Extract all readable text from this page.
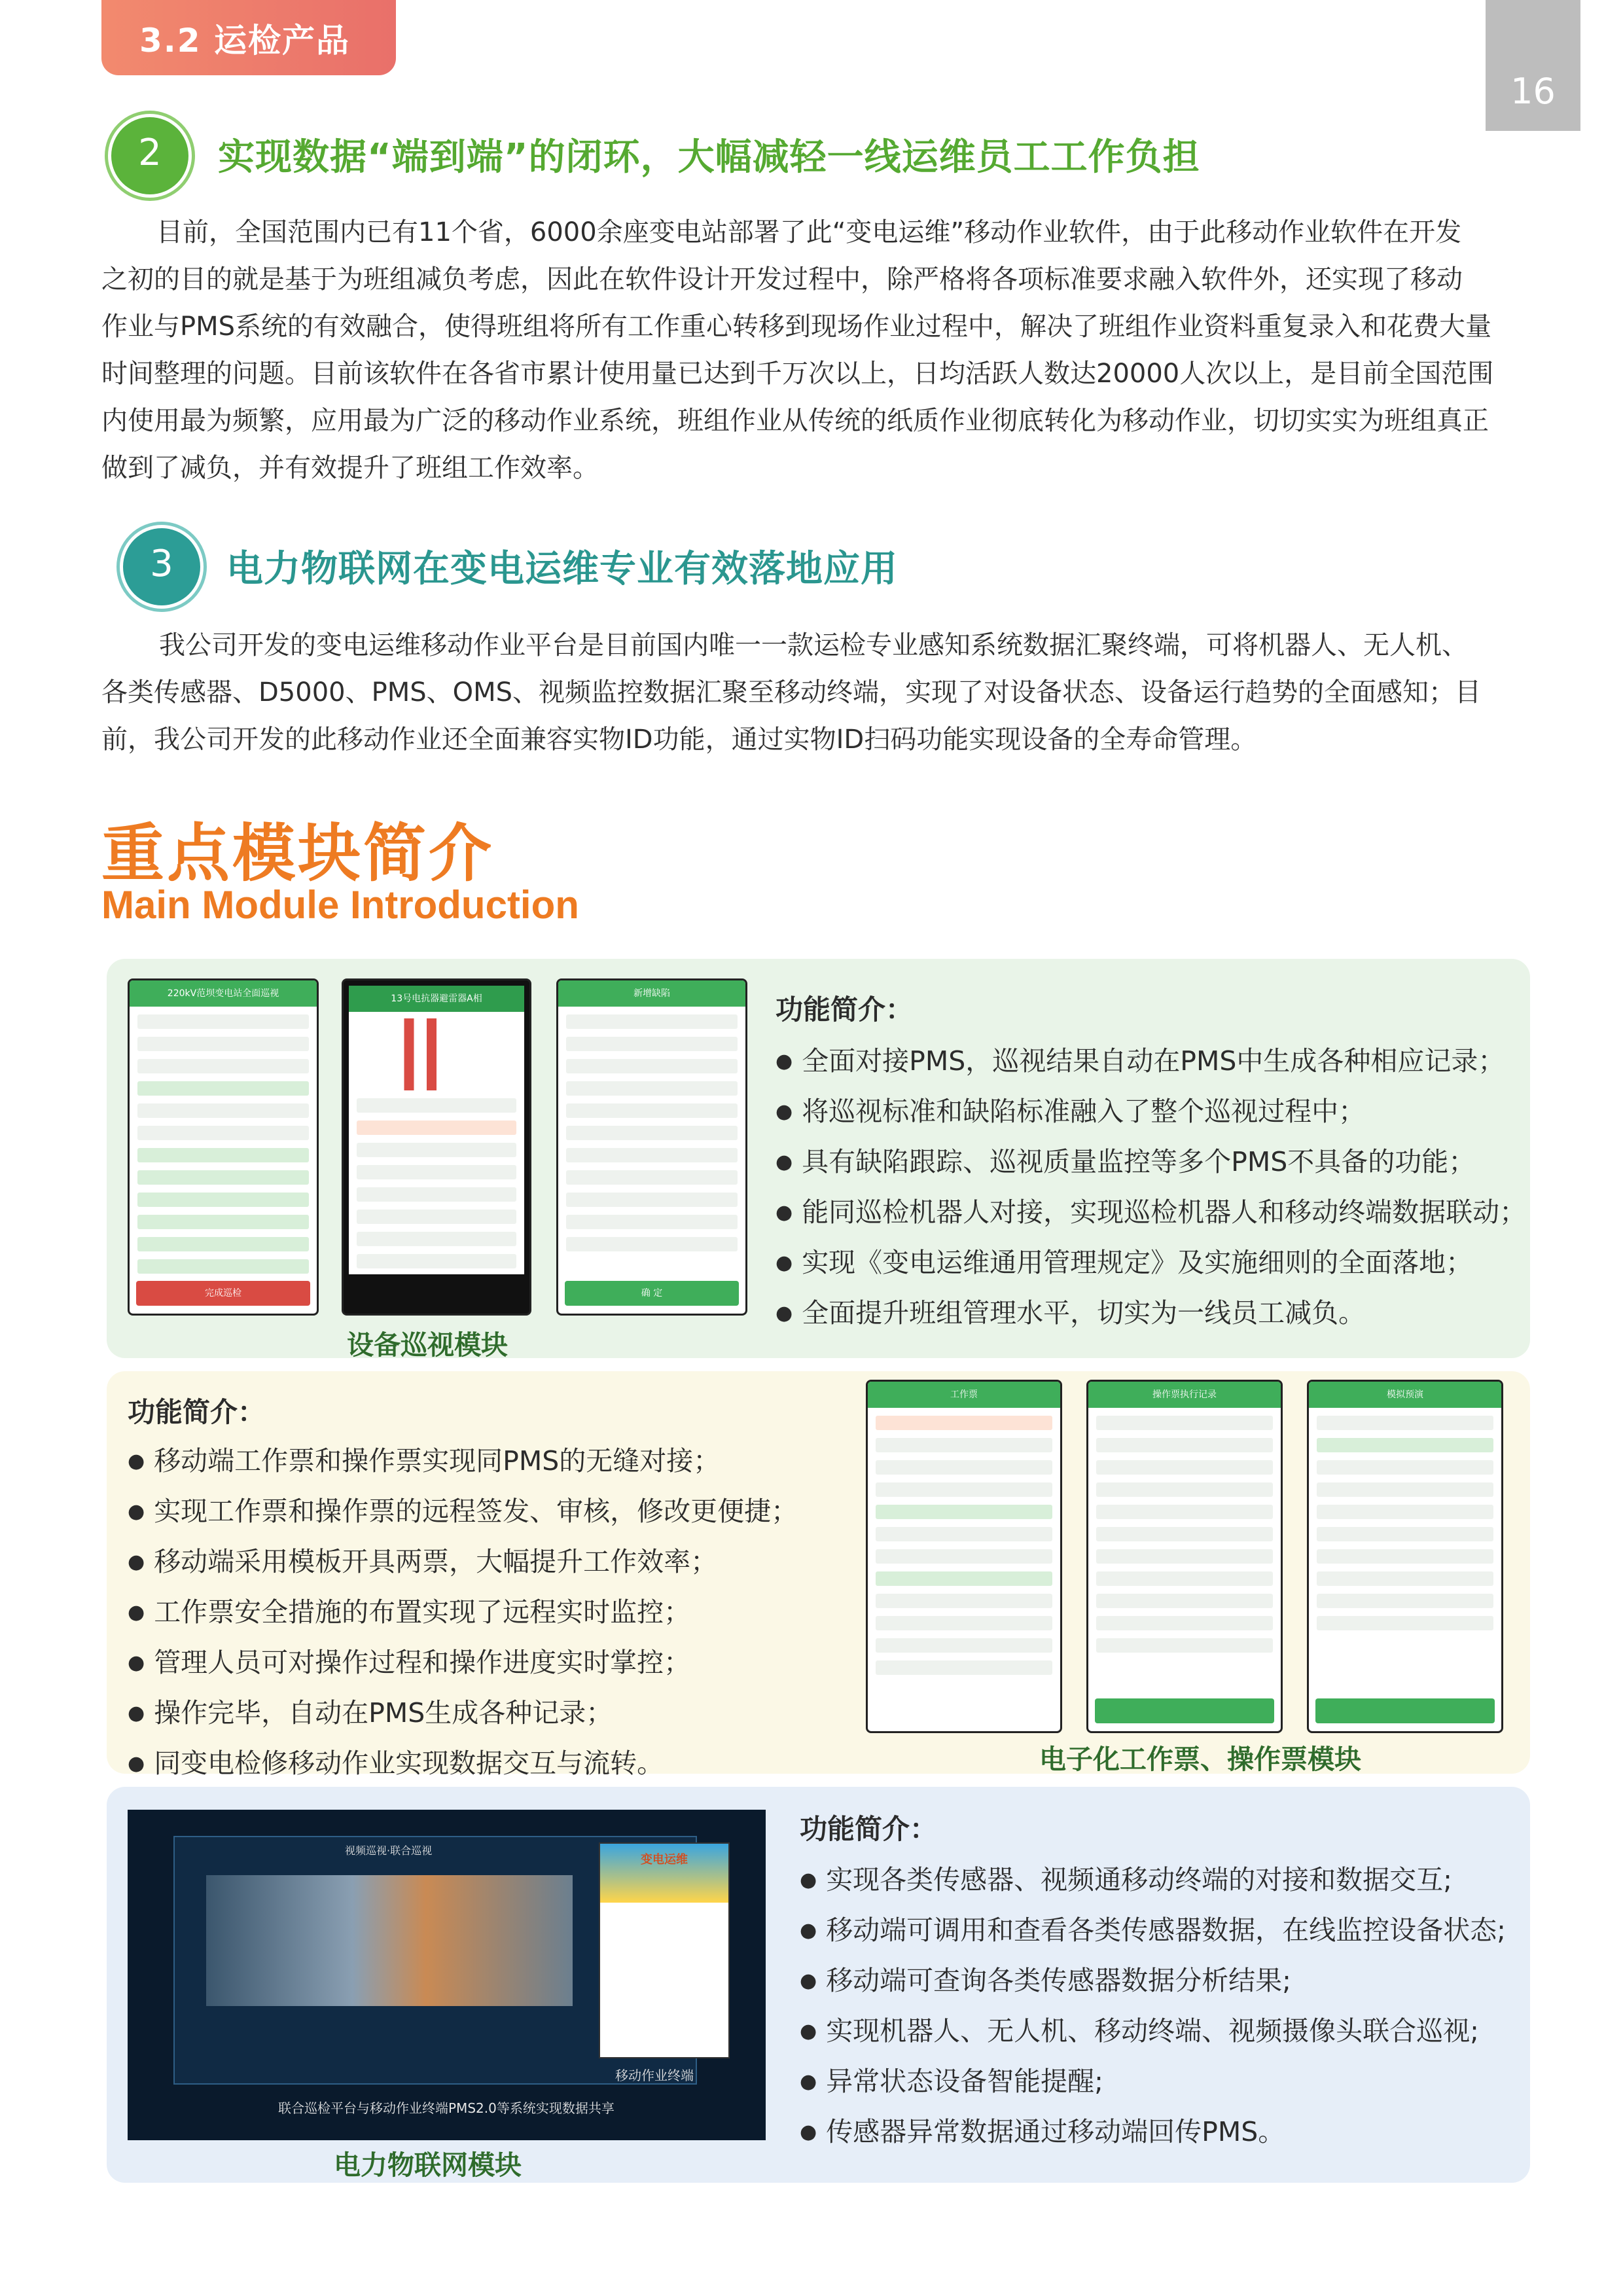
3.2 运检产品
16
2	实现数据“端到端”的闭环，大幅减轻一线运维员工工作负担
目前，全国范围内已有11个省，6000余座变电站部署了此“变电运维”移动作业软件，由于此移动作业软件在开发
之初的目的就是基于为班组减负考虑，因此在软件设计开发过程中，除严格将各项标准要求融入软件外，还实现了移动
作业与PMS系统的有效融合，使得班组将所有工作重心转移到现场作业过程中，解决了班组作业资料重复录入和花费大量
时间整理的问题。目前该软件在各省市累计使用量已达到千万次以上，日均活跃人数达20000人次以上，是目前全国范围
内使用最为频繁，应用最为广泛的移动作业系统，班组作业从传统的纸质作业彻底转化为移动作业，切切实实为班组真正
做到了减负，并有效提升了班组工作效率。
3	电力物联网在变电运维专业有效落地应用
我公司开发的变电运维移动作业平台是目前国内唯一一款运检专业感知系统数据汇聚终端，可将机器人、无人机、
各类传感器、D5000、PMS、OMS、视频监控数据汇聚至移动终端，实现了对设备状态、设备运行趋势的全面感知；目
前，我公司开发的此移动作业还全面兼容实物ID功能，通过实物ID扫码功能实现设备的全寿命管理。
重点模块简介
Main Module Introduction
220kV范坝变电站全面巡视
完成巡检
13号电抗器避雷器A相	新增缺陷
确 定
功能简介：
● 全面对接PMS，巡视结果自动在PMS中生成各种相应记录；
● 将巡视标准和缺陷标准融入了整个巡视过程中；
● 具有缺陷跟踪、巡视质量监控等多个PMS不具备的功能；
● 能同巡检机器人对接，实现巡检机器人和移动终端数据联动；
● 实现《变电运维通用管理规定》及实施细则的全面落地；
● 全面提升班组管理水平，切实为一线员工减负。
设备巡视模块
功能简介：
● 移动端工作票和操作票实现同PMS的无缝对接；
● 实现工作票和操作票的远程签发、审核，修改更便捷；
● 移动端采用模板开具两票，大幅提升工作效率；
● 工作票安全措施的布置实现了远程实时监控；
● 管理人员可对操作过程和操作进度实时掌控；
● 操作完毕，自动在PMS生成各种记录；
● 同变电检修移动作业实现数据交互与流转。
工作票	操作票执行记录	模拟预演
电子化工作票、操作票模块
视频巡视·联合巡视
变电运维
移动作业终端
联合巡检平台与移动作业终端PMS2.0等系统实现数据共享
功能简介：
● 实现各类传感器、视频通移动终端的对接和数据交互;
● 移动端可调用和查看各类传感器数据，在线监控设备状态;
● 移动端可查询各类传感器数据分析结果;
● 实现机器人、无人机、移动终端、视频摄像头联合巡视;
● 异常状态设备智能提醒;
● 传感器异常数据通过移动端回传PMS。
电力物联网模块
